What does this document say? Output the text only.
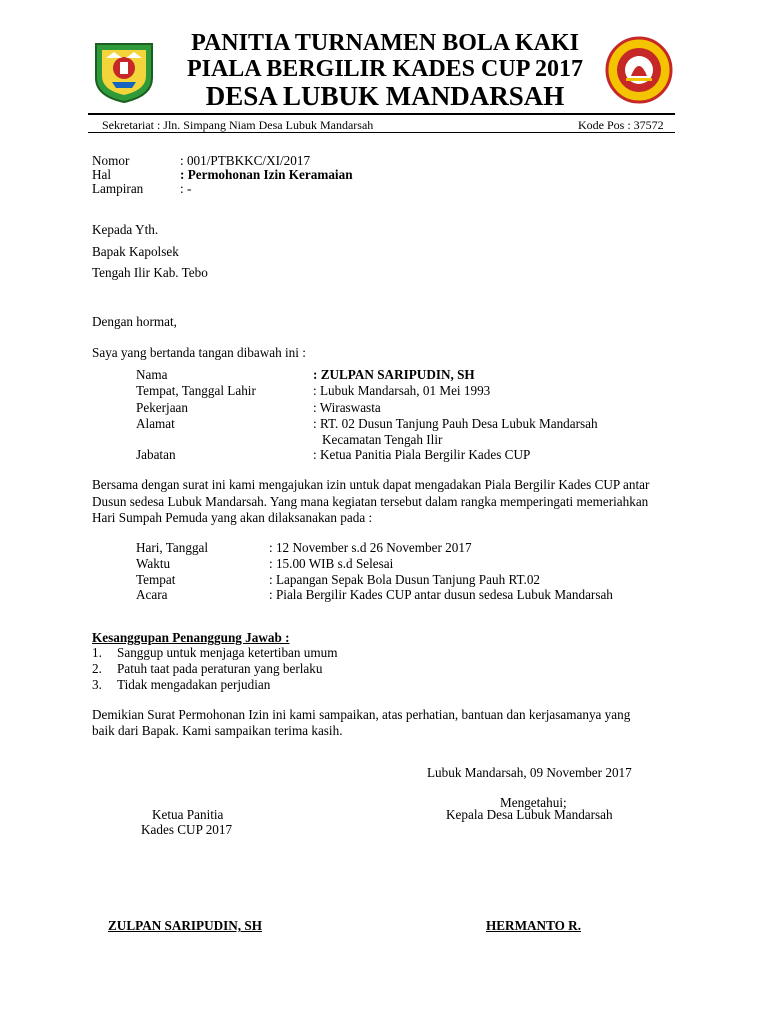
PANITIA TURNAMEN BOLA KAKI
PIALA BERGILIR KADES CUP 2017
DESA LUBUK MANDARSAH
Sekretariat : Jln. Simpang Niam Desa Lubuk Mandarsah	Kode Pos : 37572
Nomor	: 001/PTBKKC/XI/2017
Hal	: Permohonan Izin Keramaian
Lampiran	: -
Kepada Yth.
Bapak Kapolsek
Tengah Ilir Kab. Tebo
Dengan hormat,
Saya yang bertanda tangan dibawah ini :
Nama	: ZULPAN SARIPUDIN, SH
Tempat, Tanggal Lahir	: Lubuk Mandarsah, 01 Mei 1993
Pekerjaan	: Wiraswasta
Alamat	: RT. 02 Dusun Tanjung Pauh Desa Lubuk Mandarsah
Kecamatan Tengah Ilir
Jabatan	: Ketua Panitia Piala Bergilir Kades CUP
Bersama dengan surat ini kami mengajukan izin untuk dapat mengadakan Piala Bergilir Kades CUP antar
Dusun sedesa Lubuk Mandarsah. Yang mana kegiatan tersebut dalam rangka memperingati memeriahkan
Hari Sumpah Pemuda yang akan dilaksanakan pada :
Hari, Tanggal	: 12 November s.d 26 November 2017
Waktu	: 15.00 WIB s.d Selesai
Tempat	: Lapangan Sepak Bola Dusun Tanjung Pauh RT.02
Acara	: Piala Bergilir Kades CUP antar dusun sedesa Lubuk Mandarsah
Kesanggupan Penanggung Jawab :
1. Sanggup untuk menjaga ketertiban umum
2. Patuh taat pada peraturan yang berlaku
3. Tidak mengadakan perjudian
Demikian Surat Permohonan Izin ini kami sampaikan, atas perhatian, bantuan dan kerjasamanya yang
baik dari Bapak. Kami sampaikan terima kasih.
Lubuk Mandarsah, 09 November 2017
Mengetahui;
Kepala Desa Lubuk Mandarsah
Ketua Panitia
Kades CUP 2017
ZULPAN SARIPUDIN, SH	HERMANTO R.
